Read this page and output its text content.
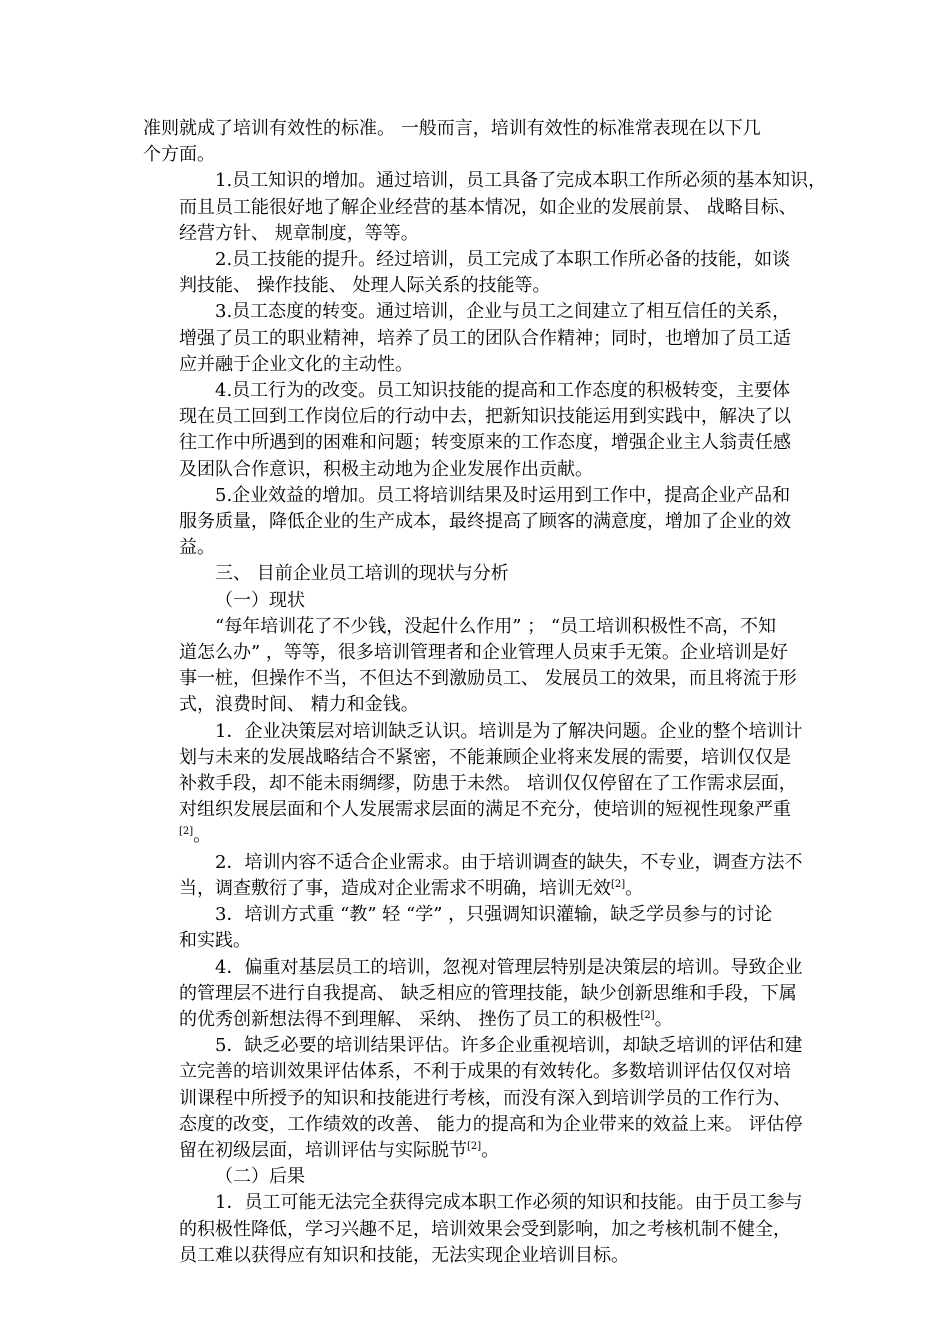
准则就成了培训有效性的标准。 一般而言，培训有效性的标准常表现在以下几
个方面。
1.员工知识的增加。通过培训，员工具备了完成本职工作所必须的基本知识，
而且员工能很好地了解企业经营的基本情况，如企业的发展前景、 战略目标、
经营方针、 规章制度，等等。
2.员工技能的提升。经过培训，员工完成了本职工作所必备的技能，如谈
判技能、 操作技能、 处理人际关系的技能等。
3.员工态度的转变。通过培训，企业与员工之间建立了相互信任的关系，
增强了员工的职业精神，培养了员工的团队合作精神；同时，也增加了员工适
应并融于企业文化的主动性。
4.员工行为的改变。员工知识技能的提高和工作态度的积极转变，主要体
现在员工回到工作岗位后的行动中去，把新知识技能运用到实践中，解决了以
往工作中所遇到的困难和问题；转变原来的工作态度，增强企业主人翁责任感
及团队合作意识，积极主动地为企业发展作出贡献。
5.企业效益的增加。员工将培训结果及时运用到工作中，提高企业产品和
服务质量，降低企业的生产成本，最终提高了顾客的满意度，增加了企业的效
益。
三、 目前企业员工培训的现状与分析
（一）现状
“每年培训花了不少钱，没起什么作用” ； “员工培训积极性不高，不知
道怎么办” ，等等，很多培训管理者和企业管理人员束手无策。企业培训是好
事一桩，但操作不当，不但达不到激励员工、 发展员工的效果，而且将流于形
式，浪费时间、 精力和金钱。
1．企业决策层对培训缺乏认识。培训是为了解决问题。企业的整个培训计
划与未来的发展战略结合不紧密，不能兼顾企业将来发展的需要，培训仅仅是
补救手段，却不能未雨绸缪，防患于未然。 培训仅仅停留在了工作需求层面，
对组织发展层面和个人发展需求层面的满足不充分，使培训的短视性现象严重
[2]。
2．培训内容不适合企业需求。由于培训调查的缺失，不专业，调查方法不
当，调查敷衍了事，造成对企业需求不明确，培训无效[2]。
3．培训方式重 “教” 轻 “学” ，只强调知识灌输，缺乏学员参与的讨论
和实践。
4．偏重对基层员工的培训，忽视对管理层特别是决策层的培训。导致企业
的管理层不进行自我提高、 缺乏相应的管理技能，缺少创新思维和手段，下属
的优秀创新想法得不到理解、 采纳、 挫伤了员工的积极性[2]。
5．缺乏必要的培训结果评估。许多企业重视培训，却缺乏培训的评估和建
立完善的培训效果评估体系，不利于成果的有效转化。多数培训评估仅仅对培
训课程中所授予的知识和技能进行考核，而没有深入到培训学员的工作行为、
态度的改变，工作绩效的改善、 能力的提高和为企业带来的效益上来。 评估停
留在初级层面，培训评估与实际脱节[2]。
（二）后果
1．员工可能无法完全获得完成本职工作必须的知识和技能。由于员工参与
的积极性降低，学习兴趣不足，培训效果会受到影响，加之考核机制不健全，
员工难以获得应有知识和技能，无法实现企业培训目标。
